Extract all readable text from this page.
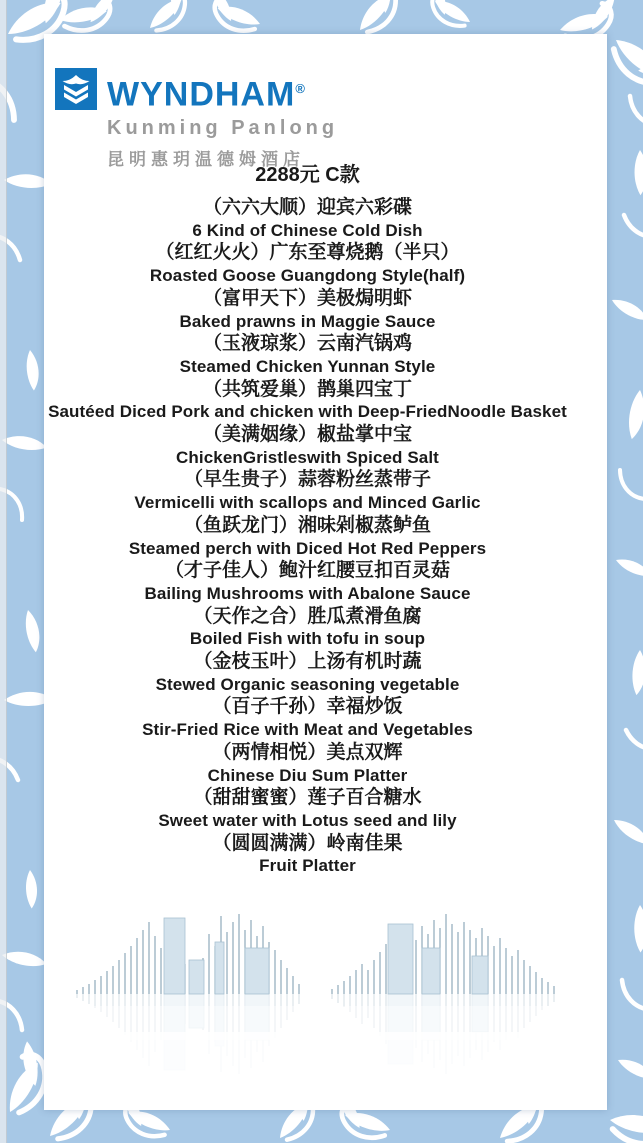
WYNDHAM®
Kunming Panlong
昆明惠玥温德姆酒店
2288元 C款
（六六大顺）迎宾六彩碟
6 Kind of Chinese Cold Dish
（红红火火）广东至尊烧鹅（半只）
Roasted Goose Guangdong Style(half)
（富甲天下）美极焗明虾
Baked prawns in Maggie Sauce
（玉液琼浆）云南汽锅鸡
Steamed Chicken Yunnan Style
（共筑爱巢）鹊巢四宝丁
Sautéed Diced Pork and chicken with Deep-FriedNoodle Basket
（美满姻缘）椒盐掌中宝
ChickenGristleswith Spiced Salt
（早生贵子）蒜蓉粉丝蒸带子
Vermicelli with scallops and Minced Garlic
（鱼跃龙门）湘味剁椒蒸鲈鱼
Steamed perch with Diced Hot Red Peppers
（才子佳人）鲍汁红腰豆扣百灵菇
Bailing Mushrooms with Abalone Sauce
（天作之合）胜瓜煮滑鱼腐
Boiled Fish with tofu in soup
（金枝玉叶）上汤有机时蔬
Stewed Organic seasoning vegetable
（百子千孙）幸福炒饭
Stir-Fried Rice with Meat and Vegetables
（两情相悦）美点双辉
Chinese Diu Sum Platter
（甜甜蜜蜜）莲子百合糖水
Sweet water with Lotus seed and lily
（圆圆满满）岭南佳果
Fruit Platter
